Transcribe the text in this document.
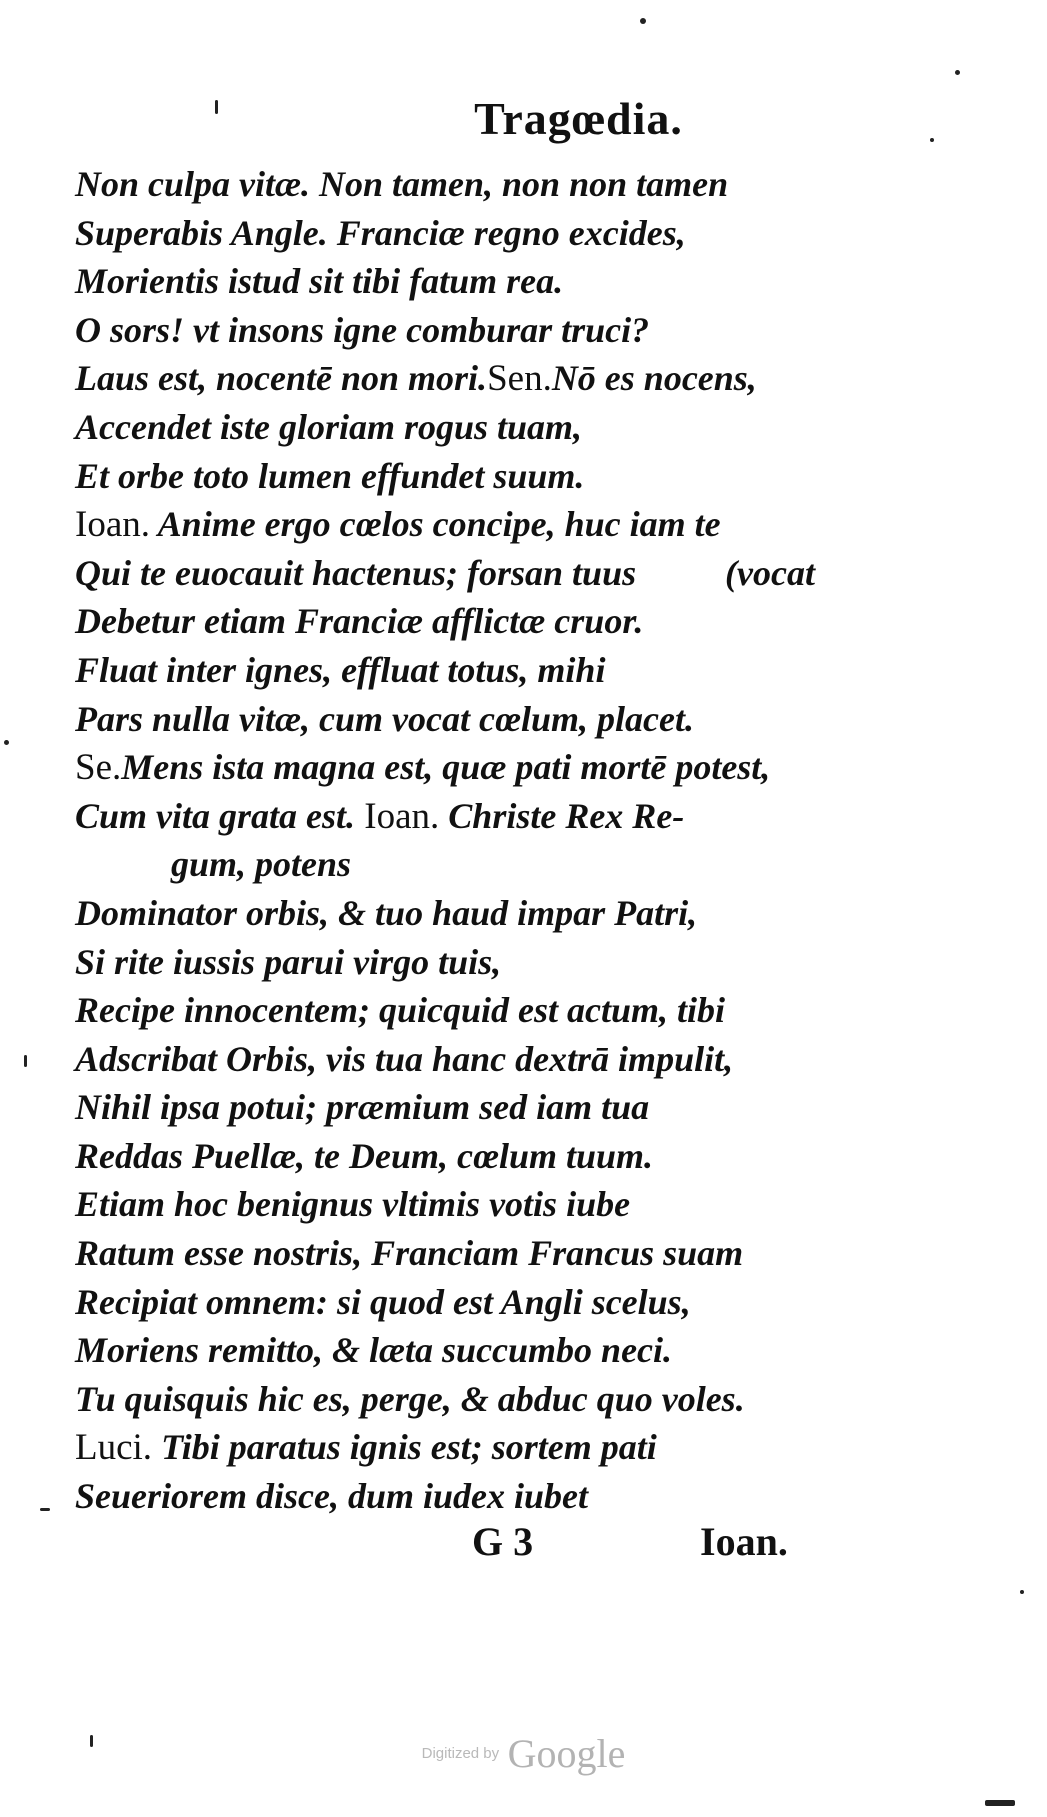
Tragœdia.
Non culpa vitæ. Non tamen, non non tamen
Superabis Angle. Franciæ regno excides,
Morientis istud sit tibi fatum rea.
O sors! vt insons igne comburar truci?
Laus est, nocentē non mori.Sen.Nō es nocens,
Accendet iste gloriam rogus tuam,
Et orbe toto lumen effundet suum.
Ioan. Anime ergo cœlos concipe, huc iam te
Qui te euocauit hactenus; forsan tuus (vocat
Debetur etiam Franciæ afflictæ cruor.
Fluat inter ignes, effluat totus, mihi
Pars nulla vitæ, cum vocat cœlum, placet.
Se.Mens ista magna est, quæ pati mortē potest,
Cum vita grata est. Ioan. Christe Rex Re-
gum, potens
Dominator orbis, & tuo haud impar Patri,
Si rite iussis parui virgo tuis,
Recipe innocentem; quicquid est actum, tibi
Adscribat Orbis, vis tua hanc dextrā impulit,
Nihil ipsa potui; præmium sed iam tua
Reddas Puellæ, te Deum, cœlum tuum.
Etiam hoc benignus vltimis votis iube
Ratum esse nostris, Franciam Francus suam
Recipiat omnem: si quod est Angli scelus,
Moriens remitto, & læta succumbo neci.
Tu quisquis hic es, perge, & abduc quo voles.
Luci. Tibi paratus ignis est; sortem pati
Seueriorem disce, dum iudex iubet
G 3	Ioan.
Digitized by Google
